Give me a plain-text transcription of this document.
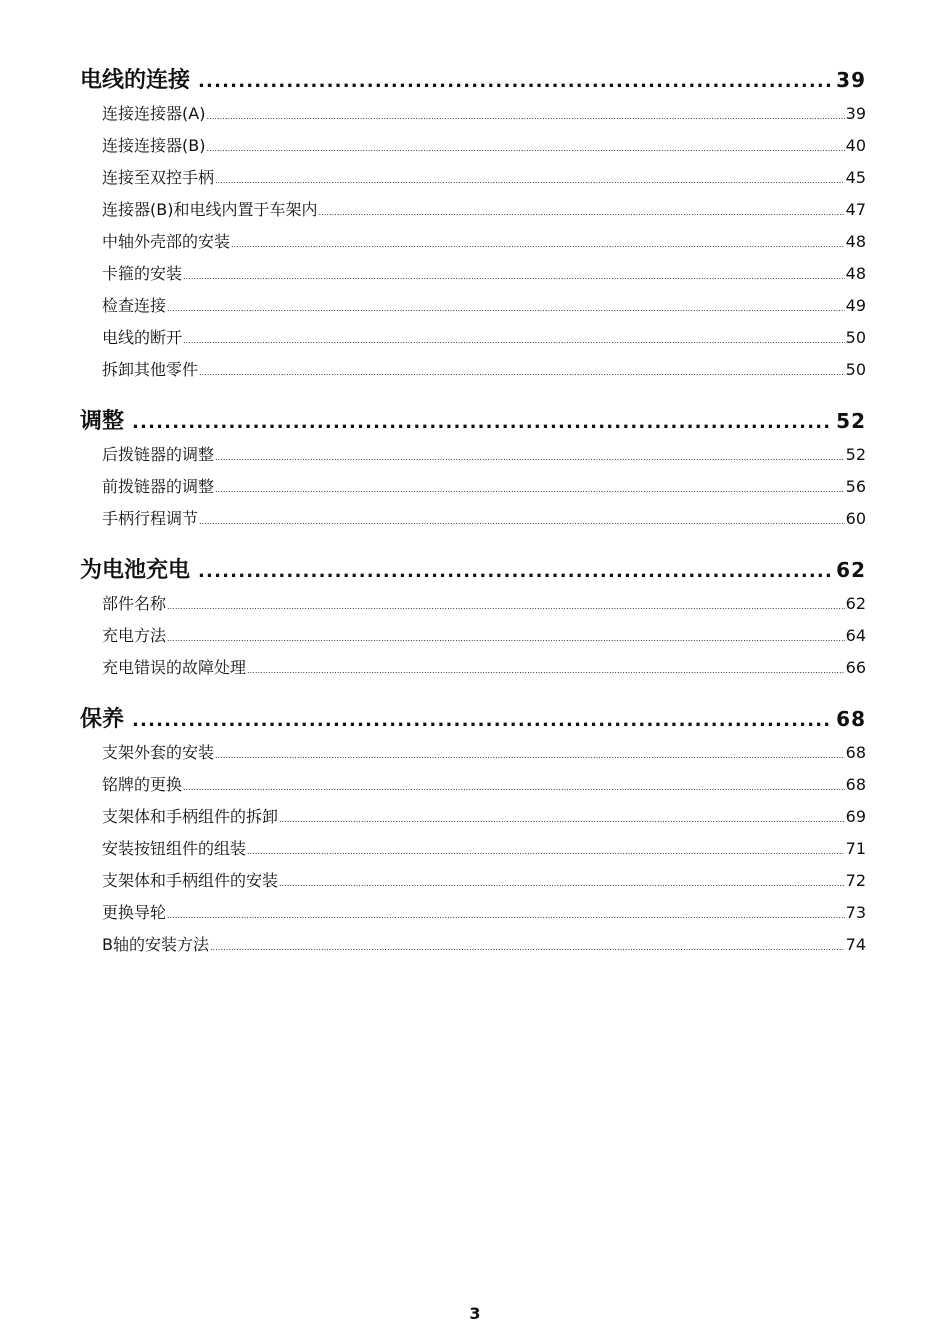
电线的连接 .....	39
连接连接器(A) .....	39
连接连接器(B) .....	40
连接至双控手柄 .....	45
连接器(B)和电线内置于车架内 .....	47
中轴外壳部的安装 .....	48
卡箍的安装 .....	48
检查连接 .....	49
电线的断开 .....	50
拆卸其他零件 .....	50
调整 .....	52
后拨链器的调整 .....	52
前拨链器的调整 .....	56
手柄行程调节 .....	60
为电池充电 .....	62
部件名称 .....	62
充电方法 .....	64
充电错误的故障处理 .....	66
保养 .....	68
支架外套的安装 .....	68
铭牌的更换 .....	68
支架体和手柄组件的拆卸 .....	69
安装按钮组件的组装 .....	71
支架体和手柄组件的安装 .....	72
更换导轮 .....	73
B轴的安装方法 .....	74
3
